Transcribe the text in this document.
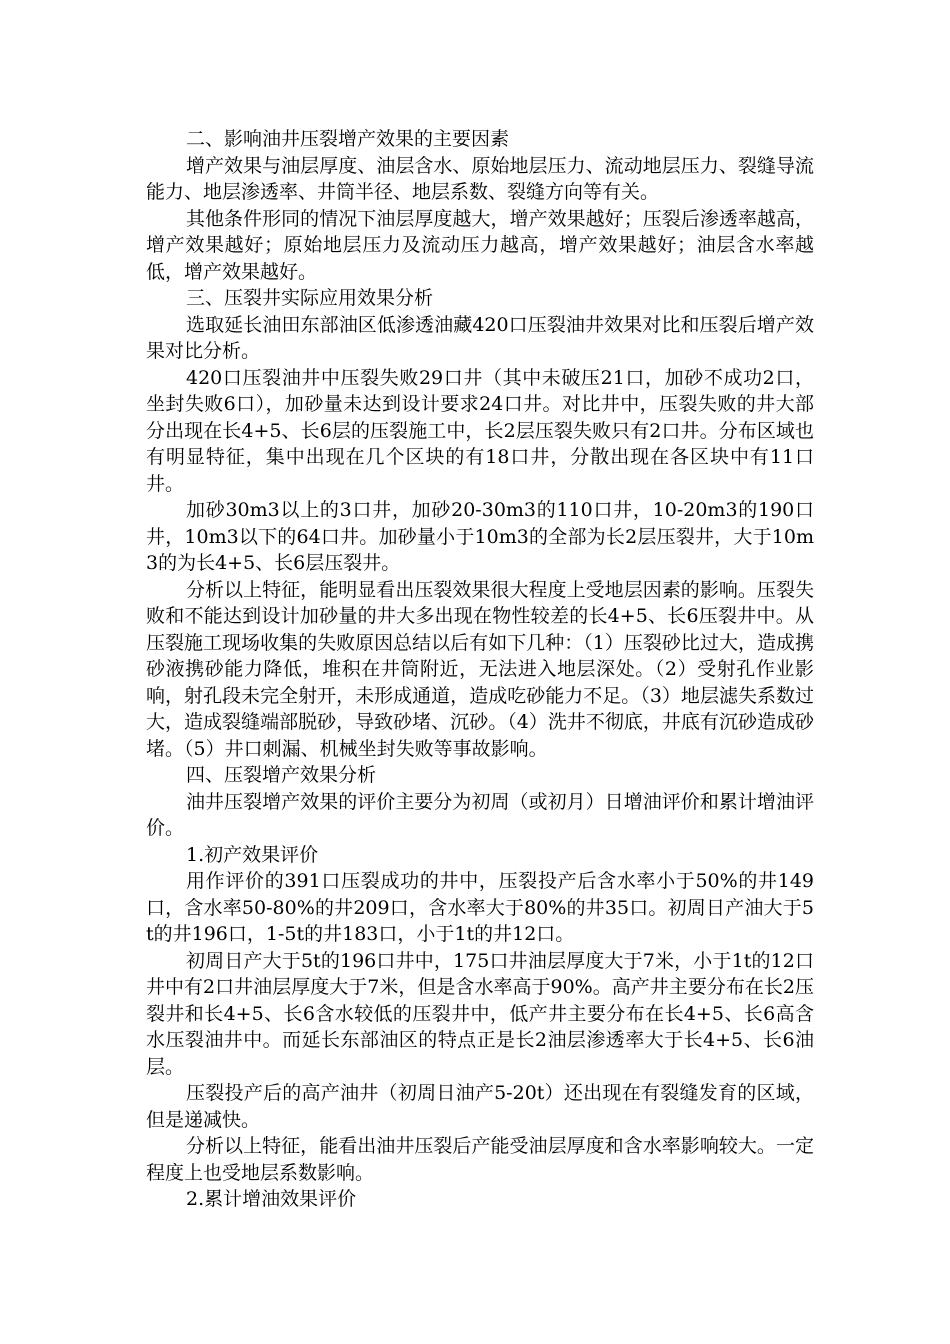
二、影响油井压裂增产效果的主要因素

增产效果与油层厚度、油层含水、原始地层压力、流动地层压力、裂缝导流能力、地层渗透率、井筒半径、地层系数、裂缝方向等有关。

其他条件形同的情况下油层厚度越大，增产效果越好；压裂后渗透率越高，增产效果越好；原始地层压力及流动压力越高，增产效果越好；油层含水率越低，增产效果越好。

三、压裂井实际应用效果分析

选取延长油田东部油区低渗透油藏420口压裂油井效果对比和压裂后增产效果对比分析。

420口压裂油井中压裂失败29口井（其中未破压21口，加砂不成功2口，坐封失败6口），加砂量未达到设计要求24口井。对比井中，压裂失败的井大部分出现在长4+5、长6层的压裂施工中，长2层压裂失败只有2口井。分布区域也有明显特征，集中出现在几个区块的有18口井，分散出现在各区块中有11口井。

加砂30m3以上的3口井，加砂20-30m3的110口井，10-20m3的190口井，10m3以下的64口井。加砂量小于10m3的全部为长2层压裂井，大于10m3的为长4+5、长6层压裂井。

分析以上特征，能明显看出压裂效果很大程度上受地层因素的影响。压裂失败和不能达到设计加砂量的井大多出现在物性较差的长4+5、长6压裂井中。从压裂施工现场收集的失败原因总结以后有如下几种：（1）压裂砂比过大，造成携砂液携砂能力降低，堆积在井筒附近，无法进入地层深处。（2）受射孔作业影响，射孔段未完全射开，未形成通道，造成吃砂能力不足。（3）地层滤失系数过大，造成裂缝端部脱砂，导致砂堵、沉砂。（4）洗井不彻底，井底有沉砂造成砂堵。（5）井口刺漏、机械坐封失败等事故影响。

四、压裂增产效果分析

油井压裂增产效果的评价主要分为初周（或初月）日增油评价和累计增油评价。

1.初产效果评价

用作评价的391口压裂成功的井中，压裂投产后含水率小于50%的井149口，含水率50-80%的井209口，含水率大于80%的井35口。初周日产油大于5t的井196口，1-5t的井183口，小于1t的井12口。

初周日产大于5t的196口井中，175口井油层厚度大于7米，小于1t的12口井中有2口井油层厚度大于7米，但是含水率高于90%。高产井主要分布在长2压裂井和长4+5、长6含水较低的压裂井中，低产井主要分布在长4+5、长6高含水压裂油井中。而延长东部油区的特点正是长2油层渗透率大于长4+5、长6油层。

压裂投产后的高产油井（初周日油产5-20t）还出现在有裂缝发育的区域，但是递减快。

分析以上特征，能看出油井压裂后产能受油层厚度和含水率影响较大。一定程度上也受地层系数影响。

2.累计增油效果评价
